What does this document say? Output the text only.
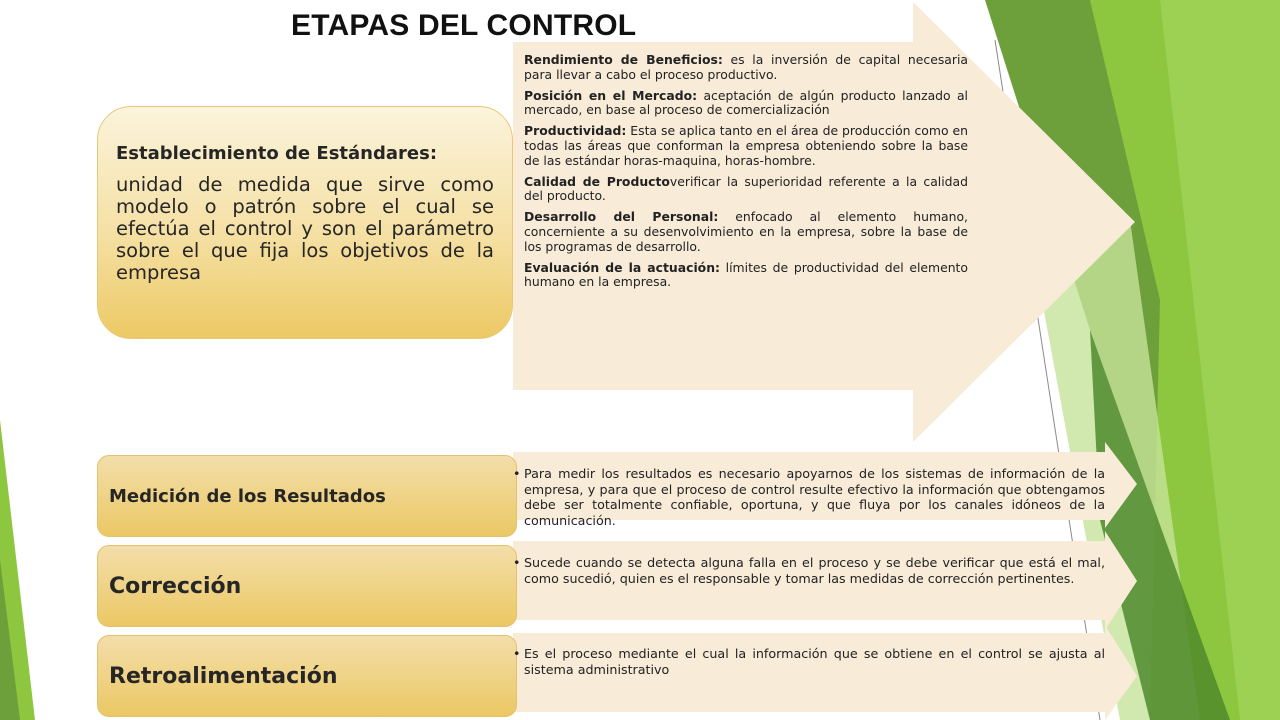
ETAPAS DEL CONTROL
Establecimiento de Estándares:
unidad de medida que sirve como modelo o patrón sobre el cual se efectúa el control y son el parámetro sobre el que fija los objetivos de la empresa

Rendimiento de Beneficios: es la inversión de capital necesaria para llevar a cabo el proceso productivo.

Posición en el Mercado: aceptación de algún producto lanzado al mercado, en base al proceso de comercialización

Productividad: Esta se aplica tanto en el área de producción como en todas las áreas que conforman la empresa obteniendo sobre la base de las estándar horas-maquina, horas-hombre.

Calidad de Productoverificar la superioridad referente a la calidad del producto.

Desarrollo del Personal: enfocado al elemento humano, concerniente a su desenvolvimiento en la empresa, sobre la base de los programas de desarrollo.

Evaluación de la actuación: límites de productividad del elemento humano en la empresa.

Medición de los Resultados
• Para medir los resultados es necesario apoyarnos de los sistemas de información de la empresa, y para que el proceso de control resulte efectivo la información que obtengamos debe ser totalmente confiable, oportuna, y que fluya por los canales idóneos de la comunicación.
Corrección
• Sucede cuando se detecta alguna falla en el proceso y se debe verificar que está el mal, como sucedió, quien es el responsable y tomar las medidas de corrección pertinentes.
Retroalimentación
• Es el proceso mediante el cual la información que se obtiene en el control se ajusta al sistema administrativo
